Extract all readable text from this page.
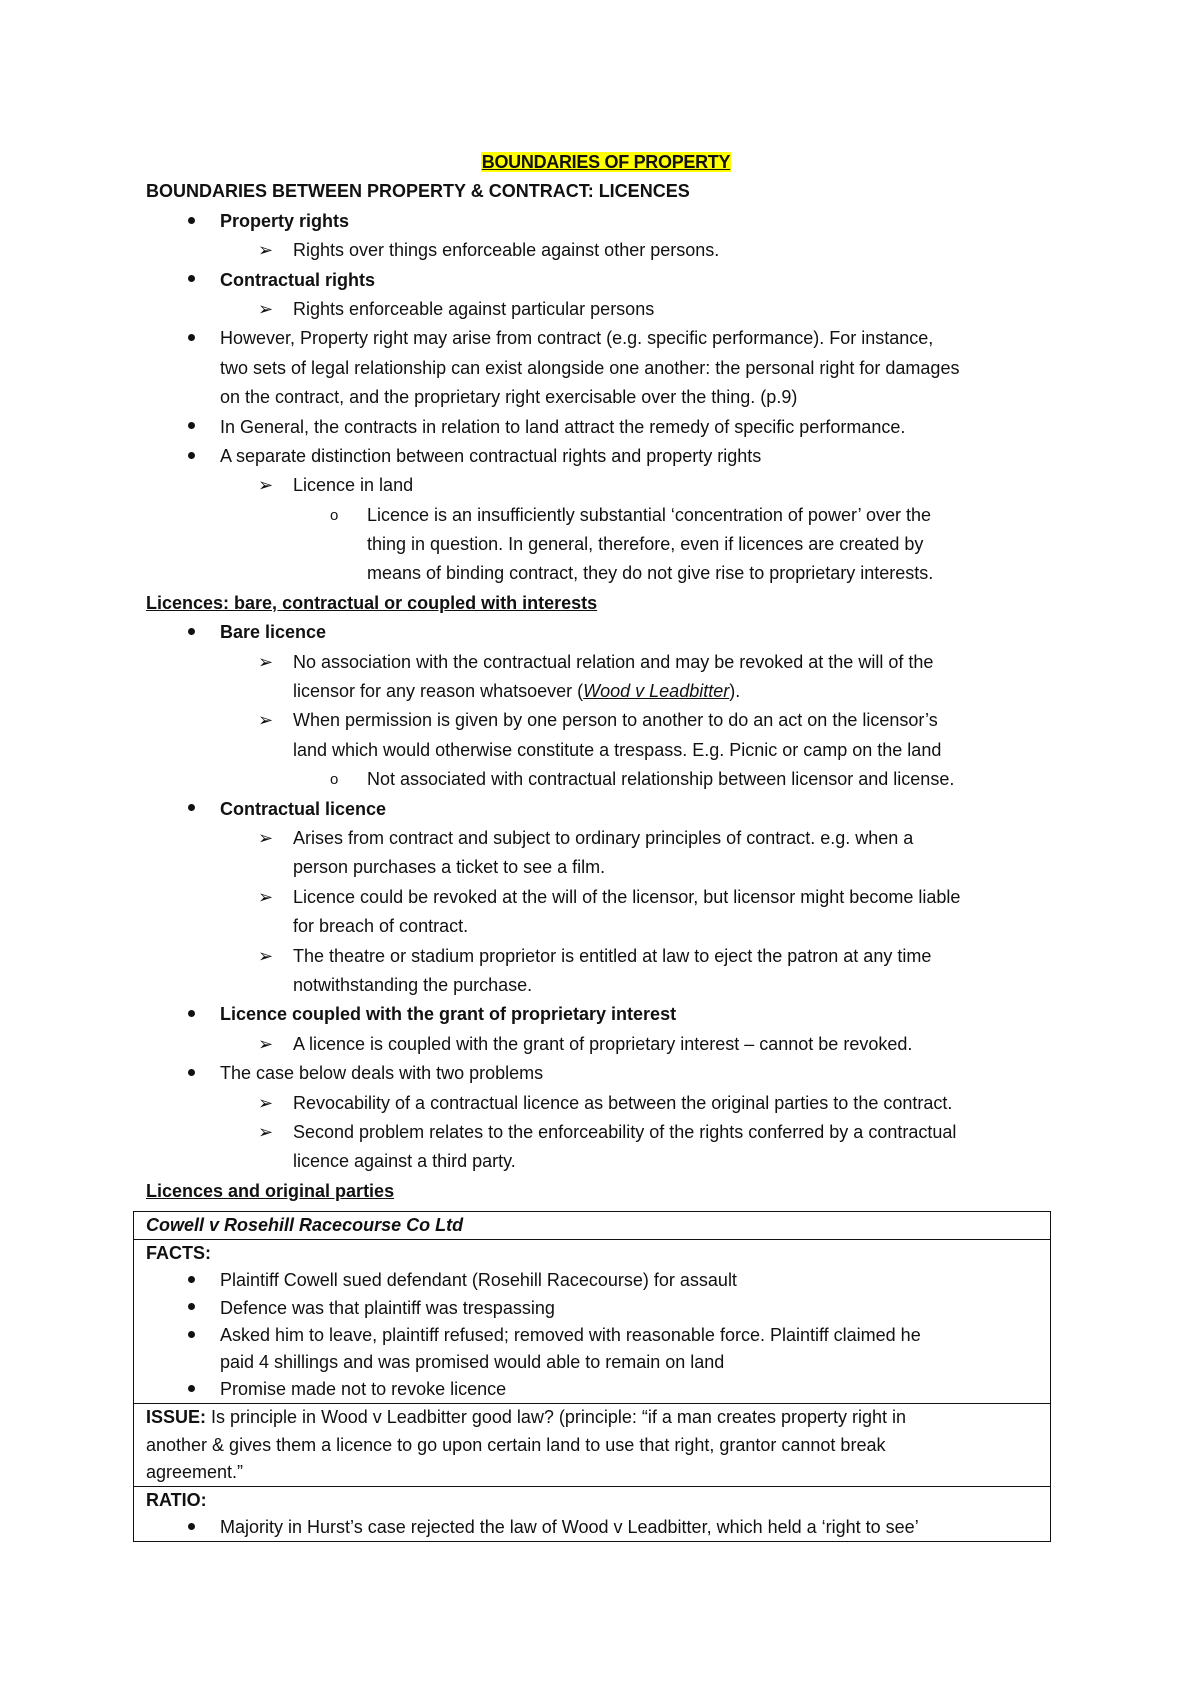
BOUNDARIES OF PROPERTY
BOUNDARIES BETWEEN PROPERTY & CONTRACT: LICENCES
Property rights
➢ Rights over things enforceable against other persons.
Contractual rights
➢ Rights enforceable against particular persons
However, Property right may arise from contract (e.g. specific performance). For instance,
two sets of legal relationship can exist alongside one another: the personal right for damages
on the contract, and the proprietary right exercisable over the thing. (p.9)
In General, the contracts in relation to land attract the remedy of specific performance.
A separate distinction between contractual rights and property rights
➢ Licence in land
o Licence is an insufficiently substantial ‘concentration of power’ over the
thing in question. In general, therefore, even if licences are created by
means of binding contract, they do not give rise to proprietary interests.
Licences: bare, contractual or coupled with interests
Bare licence
➢ No association with the contractual relation and may be revoked at the will of the
licensor for any reason whatsoever (Wood v Leadbitter).
➢ When permission is given by one person to another to do an act on the licensor’s
land which would otherwise constitute a trespass. E.g. Picnic or camp on the land
o Not associated with contractual relationship between licensor and license.
Contractual licence
➢ Arises from contract and subject to ordinary principles of contract. e.g. when a
person purchases a ticket to see a film.
➢ Licence could be revoked at the will of the licensor, but licensor might become liable
for breach of contract.
➢ The theatre or stadium proprietor is entitled at law to eject the patron at any time
notwithstanding the purchase.
Licence coupled with the grant of proprietary interest
➢ A licence is coupled with the grant of proprietary interest – cannot be revoked.
The case below deals with two problems
➢ Revocability of a contractual licence as between the original parties to the contract.
➢ Second problem relates to the enforceability of the rights conferred by a contractual
licence against a third party.
Licences and original parties
Cowell v Rosehill Racecourse Co Ltd

FACTS:
Plaintiff Cowell sued defendant (Rosehill Racecourse) for assault
Defence was that plaintiff was trespassing
Asked him to leave, plaintiff refused; removed with reasonable force. Plaintiff claimed he
paid 4 shillings and was promised would able to remain on land
Promise made not to revoke licence

ISSUE: Is principle in Wood v Leadbitter good law? (principle: “if a man creates property right in
another & gives them a licence to go upon certain land to use that right, grantor cannot break
agreement.”

RATIO:
Majority in Hurst’s case rejected the law of Wood v Leadbitter, which held a ‘right to see’
